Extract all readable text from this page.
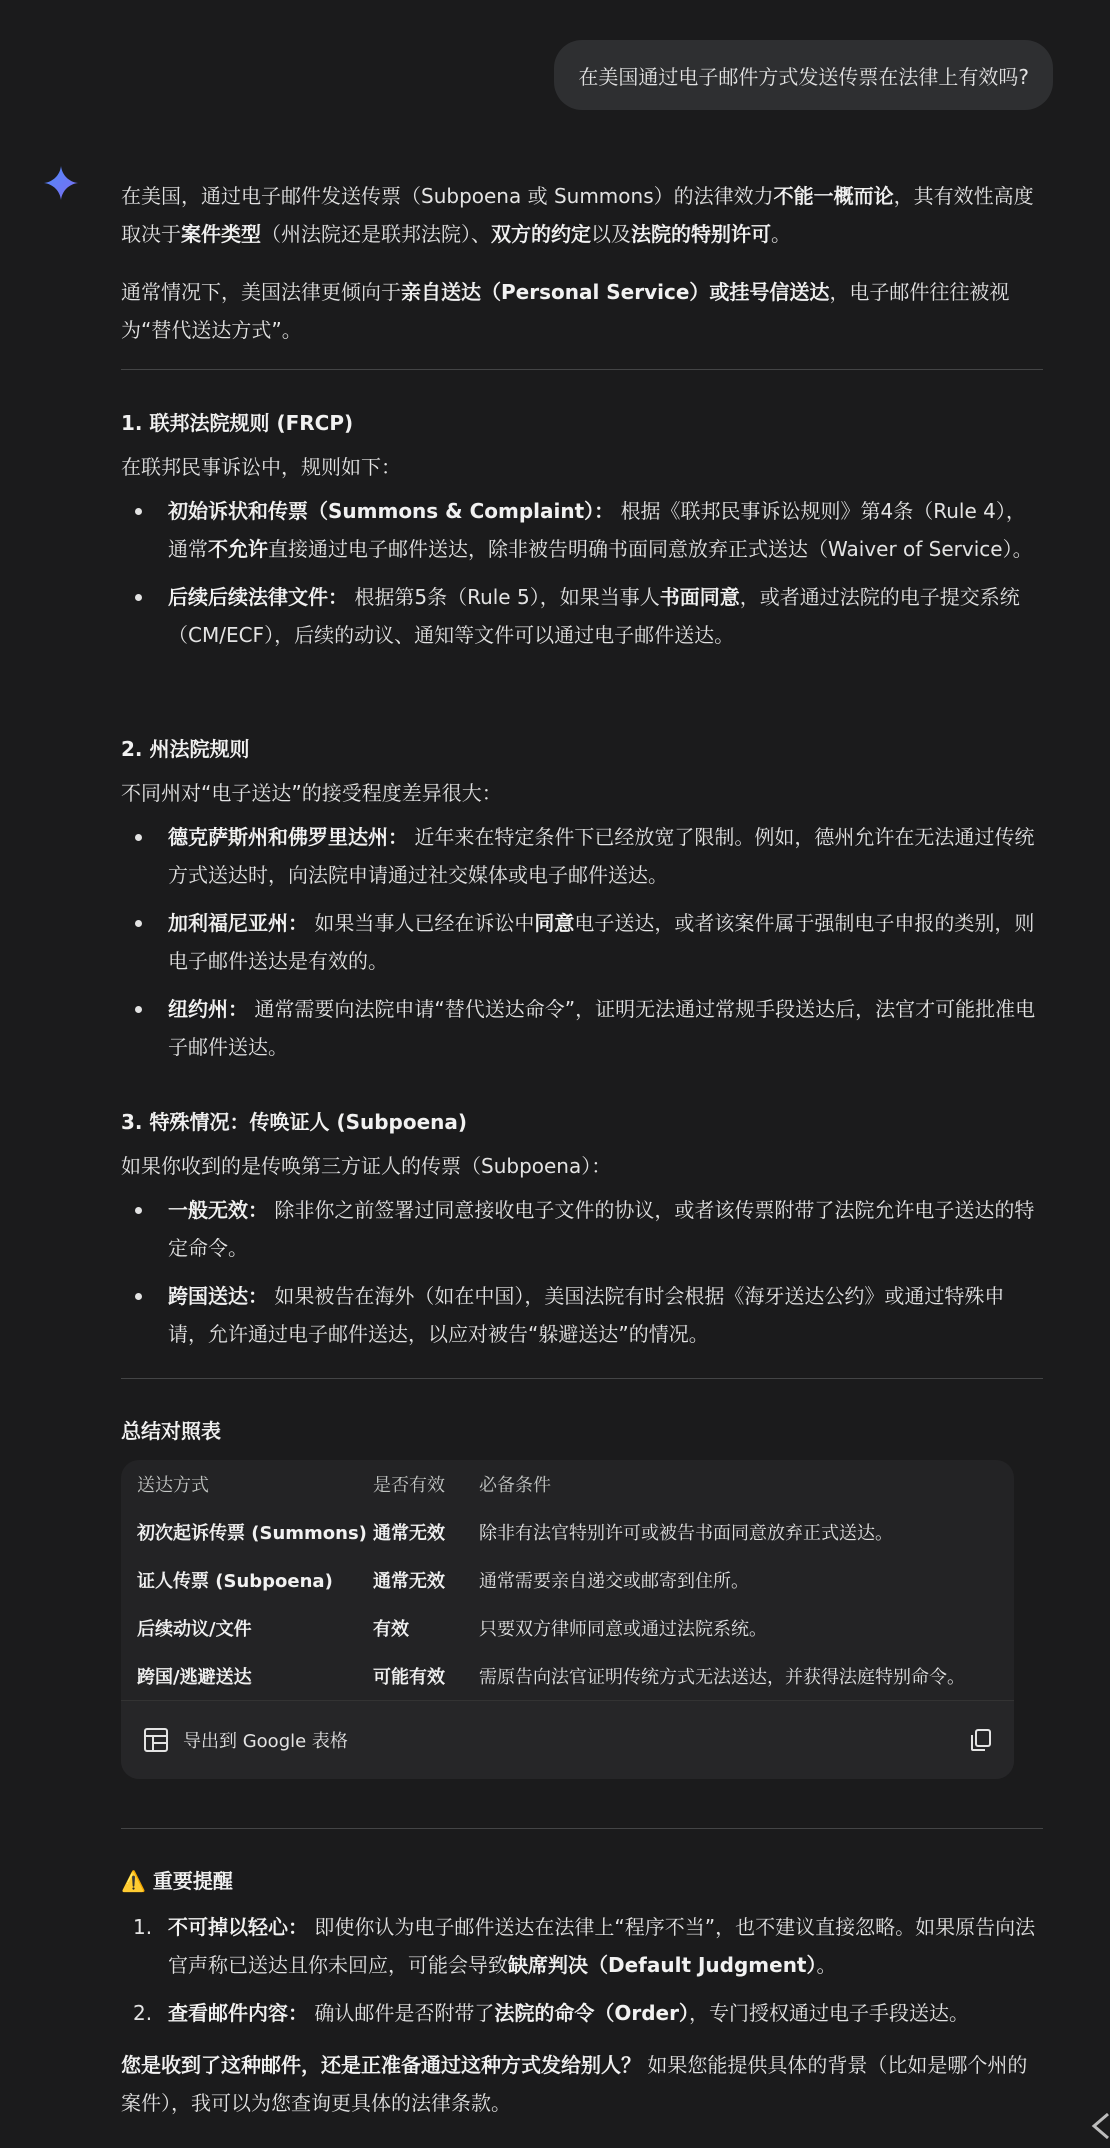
在美国通过电子邮件方式发送传票在法律上有效吗?

在美国，通过电子邮件发送传票（Subpoena 或 Summons）的法律效力不能一概而论，其有效性高度取决于案件类型（州法院还是联邦法院）、双方的约定以及法院的特别许可。

通常情况下，美国法律更倾向于亲自送达（Personal Service）或挂号信送达，电子邮件往往被视为“替代送达方式”。

1. 联邦法院规则 (FRCP)

在联邦民事诉讼中，规则如下：

初始诉状和传票（Summons & Complaint）： 根据《联邦民事诉讼规则》第4条（Rule 4），通常不允许直接通过电子邮件送达，除非被告明确书面同意放弃正式送达（Waiver of Service）。
后续后续法律文件： 根据第5条（Rule 5），如果当事人书面同意，或者通过法院的电子提交系统（CM/ECF），后续的动议、通知等文件可以通过电子邮件送达。
2. 州法院规则

不同州对“电子送达”的接受程度差异很大：

德克萨斯州和佛罗里达州： 近年来在特定条件下已经放宽了限制。例如，德州允许在无法通过传统方式送达时，向法院申请通过社交媒体或电子邮件送达。
加利福尼亚州： 如果当事人已经在诉讼中同意电子送达，或者该案件属于强制电子申报的类别，则电子邮件送达是有效的。
纽约州： 通常需要向法院申请“替代送达命令”，证明无法通过常规手段送达后，法官才可能批准电子邮件送达。
3. 特殊情况：传唤证人 (Subpoena)

如果你收到的是传唤第三方证人的传票（Subpoena）：

一般无效： 除非你之前签署过同意接收电子文件的协议，或者该传票附带了法院允许电子送达的特定命令。
跨国送达： 如果被告在海外（如在中国），美国法院有时会根据《海牙送达公约》或通过特殊申请，允许通过电子邮件送达，以应对被告“躲避送达”的情况。
总结对照表
送达方式	是否有效	必备条件
初次起诉传票 (Summons)	通常无效	除非有法官特别许可或被告书面同意放弃正式送达。
证人传票 (Subpoena)	通常无效	通常需要亲自递交或邮寄到住所。
后续动议/文件	有效	只要双方律师同意或通过法院系统。
跨国/逃避送达	可能有效	需原告向法官证明传统方式无法送达，并获得法庭特别命令。
导出到 Google 表格
⚠️ 重要提醒
1. 不可掉以轻心： 即使你认为电子邮件送达在法律上“程序不当”，也不建议直接忽略。如果原告向法官声称已送达且你未回应，可能会导致缺席判决（Default Judgment）。
2. 查看邮件内容： 确认邮件是否附带了法院的命令（Order），专门授权通过电子手段送达。

您是收到了这种邮件，还是正准备通过这种方式发给别人？ 如果您能提供具体的背景（比如是哪个州的案件），我可以为您查询更具体的法律条款。
